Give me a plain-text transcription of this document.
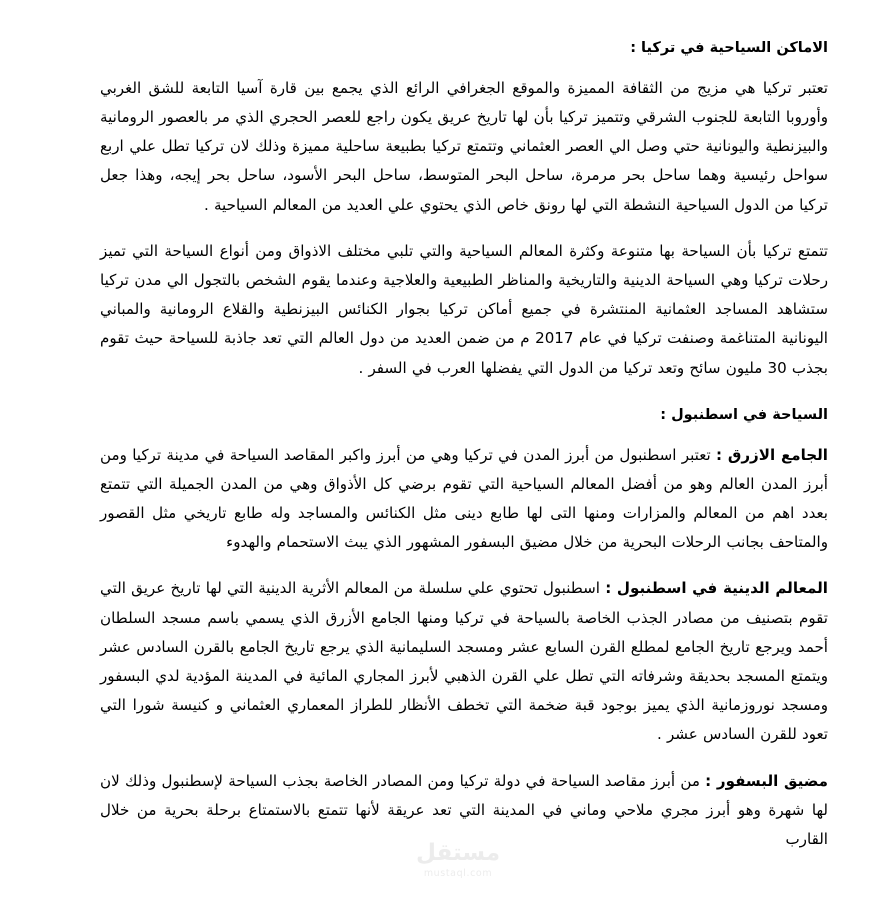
الاماكن السياحية في تركيا :

تعتبر تركيا هي مزيج من الثقافة المميزة والموقع الجغرافي الرائع الذي يجمع بين قارة آسيا التابعة للشق الغربي وأوروبا التابعة للجنوب الشرقي وتتميز تركيا بأن لها تاريخ عريق يكون راجع للعصر الحجري الذي مر بالعصور الرومانية والبيزنطية واليونانية حتي وصل الي العصر العثماني وتتمتع تركيا بطبيعة ساحلية مميزة وذلك لان تركيا تطل علي اربع سواحل رئيسية وهما ساحل بحر مرمرة، ساحل البحر المتوسط، ساحل البحر الأسود، ساحل بحر إيجه، وهذا جعل تركيا من الدول السياحية النشطة التي لها رونق خاص الذي يحتوي علي العديد من المعالم السياحية .

تتمتع تركيا بأن السياحة بها متنوعة وكثرة المعالم السياحية والتي تلبي مختلف الاذواق ومن أنواع السياحة التي تميز رحلات تركيا وهي السياحة الدينية والتاريخية والمناظر الطبيعية والعلاجية وعندما يقوم الشخص بالتجول الي مدن تركيا ستشاهد المساجد العثمانية المنتشرة في جميع أماكن تركيا بجوار الكنائس البيزنطية والقلاع الرومانية والمباني اليونانية المتناغمة وصنفت تركيا في عام 2017 م من ضمن العديد من دول العالم التي تعد جاذبة للسياحة حيث تقوم بجذب 30 مليون سائح وتعد تركيا من الدول التي يفضلها العرب في السفر .

السياحة في اسطنبول :

الجامع الازرق : تعتبر اسطنبول من أبرز المدن في تركيا وهي من أبرز واكبر المقاصد السياحة في مدينة تركيا ومن أبرز المدن العالم وهو من أفضل المعالم السياحية التي تقوم برضي كل الأذواق وهي من المدن الجميلة التي تتمتع بعدد اهم من المعالم والمزارات ومنها التى لها طابع دينى مثل الكنائس والمساجد وله طابع تاريخي مثل القصور والمتاحف بجانب الرحلات البحرية من خلال مضيق البسفور المشهور الذي يبث الاستحمام والهدوء

المعالم الدينية في اسطنبول : اسطنبول تحتوي علي سلسلة من المعالم الأثرية الدينية التي لها تاريخ عريق التي تقوم بتصنيف من مصادر الجذب الخاصة بالسياحة في تركيا ومنها الجامع الأزرق الذي يسمي باسم مسجد السلطان أحمد ويرجع تاريخ الجامع لمطلع القرن السابع عشر ومسجد السليمانية الذي يرجع تاريخ الجامع بالقرن السادس عشر ويتمتع المسجد بحديقة وشرفاته التي تطل علي القرن الذهبي لأبرز المجاري المائية في المدينة المؤدية لدي البسفور ومسجد نوروزمانية الذي يميز بوجود قبة ضخمة التي تخطف الأنظار للطراز المعماري العثماني و كنيسة شورا التي تعود للقرن السادس عشر .

مضيق البسفور : من أبرز مقاصد السياحة في دولة تركيا ومن المصادر الخاصة بجذب السياحة لإسطنبول وذلك لان لها شهرة وهو أبرز مجري ملاحي وماني في المدينة التي تعد عريقة لأنها تتمتع بالاستمتاع برحلة بحرية من خلال القارب

مستقل
mustaql.com
